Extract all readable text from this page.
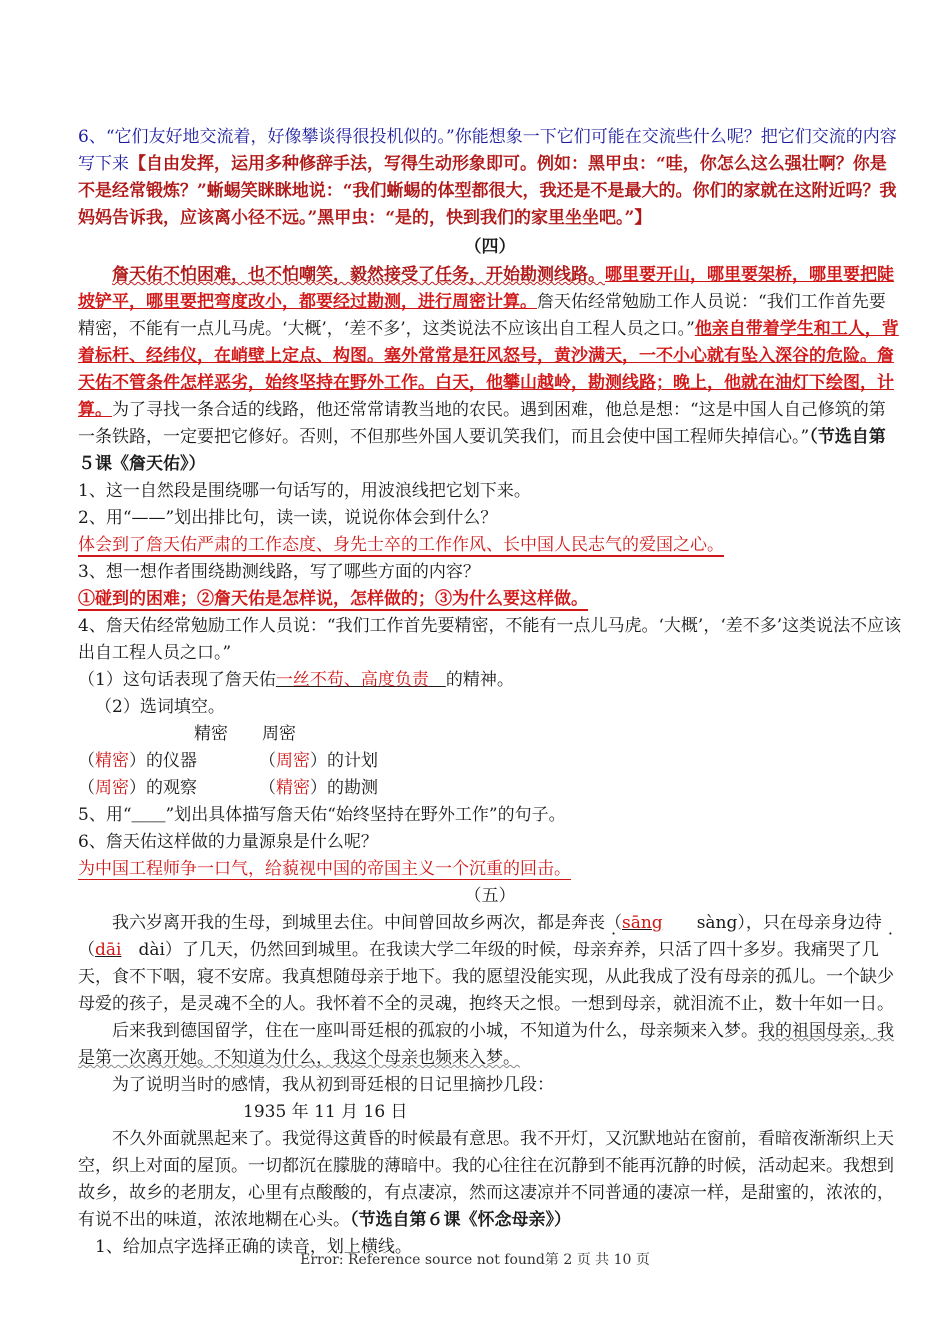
6、“它们友好地交流着，好像攀谈得很投机似的。”你能想象一下它们可能在交流些什么呢？把它们交流的内容写下来【自由发挥，运用多种修辞手法，写得生动形象即可。例如：黑甲虫：“哇，你怎么这么强壮啊？你是不是经常锻炼？”蜥蜴笑眯眯地说：“我们蜥蜴的体型都很大，我还是不是最大的。你们的家就在这附近吗？我妈妈告诉我，应该离小径不远。”黑甲虫：“是的，快到我们的家里坐坐吧。”】

（四）

詹天佑不怕困难，也不怕嘲笑，毅然接受了任务，开始勘测线路。哪里要开山，哪里要架桥，哪里要把陡坡铲平，哪里要把弯度改小，都要经过勘测，进行周密计算。詹天佑经常勉励工作人员说：“我们工作首先要精密，不能有一点儿马虎。‘大概’，‘差不多’，这类说法不应该出自工程人员之口。”他亲自带着学生和工人，背着标杆、经纬仪，在峭壁上定点、构图。塞外常常是狂风怒号，黄沙满天，一不小心就有坠入深谷的危险。詹天佑不管条件怎样恶劣，始终坚持在野外工作。白天，他攀山越岭，勘测线路；晚上，他就在油灯下绘图，计算。为了寻找一条合适的线路，他还常常请教当地的农民。遇到困难，他总是想：“这是中国人自己修筑的第一条铁路，一定要把它修好。否则，不但那些外国人要讥笑我们，而且会使中国工程师失掉信心。”（节选自第５课《詹天佑》）

1、这一自然段是围绕哪一句话写的，用波浪线把它划下来。

2、用“——”划出排比句，读一读，说说你体会到什么？

体会到了詹天佑严肃的工作态度、身先士卒的工作作风、长中国人民志气的爱国之心。

3、想一想作者围绕勘测线路，写了哪些方面的内容？

①碰到的困难；②詹天佑是怎样说，怎样做的；③为什么要这样做。

4、詹天佑经常勉励工作人员说：“我们工作首先要精密，不能有一点儿马虎。‘大概’，‘差不多’这类说法不应该出自工程人员之口。”

（1）这句话表现了詹天佑一丝不苟、高度负责  的精神。

（2）选词填空。

精密　　周密

（精密）的仪器	（周密）的计划

（周密）的观察	（精密）的勘测

5、用“＿＿”划出具体描写詹天佑“始终坚持在野外工作”的句子。

6、詹天佑这样做的力量源泉是什么呢？

为中国工程师争一口气，给藐视中国的帝国主义一个沉重的回击。

（五）

我六岁离开我的生母，到城里去住。中间曾回故乡两次，都是奔丧（sāng　　sàng），只在母亲身边待（dāi　dài）了几天，仍然回到城里。在我读大学二年级的时候，母亲弃养，只活了四十多岁。我痛哭了几天，食不下咽，寝不安席。我真想随母亲于地下。我的愿望没能实现，从此我成了没有母亲的孤儿。一个缺少母爱的孩子，是灵魂不全的人。我怀着不全的灵魂，抱终天之恨。一想到母亲，就泪流不止，数十年如一日。

后来我到德国留学，住在一座叫哥廷根的孤寂的小城，不知道为什么，母亲频来入梦。我的祖国母亲，我是第一次离开她。不知道为什么，我这个母亲也频来入梦。

为了说明当时的感情，我从初到哥廷根的日记里摘抄几段：

1935 年 11 月 16 日

不久外面就黑起来了。我觉得这黄昏的时候最有意思。我不开灯，又沉默地站在窗前，看暗夜渐渐织上天空，织上对面的屋顶。一切都沉在朦胧的薄暗中。我的心往往在沉静到不能再沉静的时候，活动起来。我想到故乡，故乡的老朋友，心里有点酸酸的，有点凄凉，然而这凄凉并不同普通的凄凉一样，是甜蜜的，浓浓的，有说不出的味道，浓浓地糊在心头。（节选自第６课《怀念母亲》）

1、给加点字选择正确的读音，划上横线。

Error: Reference source not found第 2 页 共 10 页
